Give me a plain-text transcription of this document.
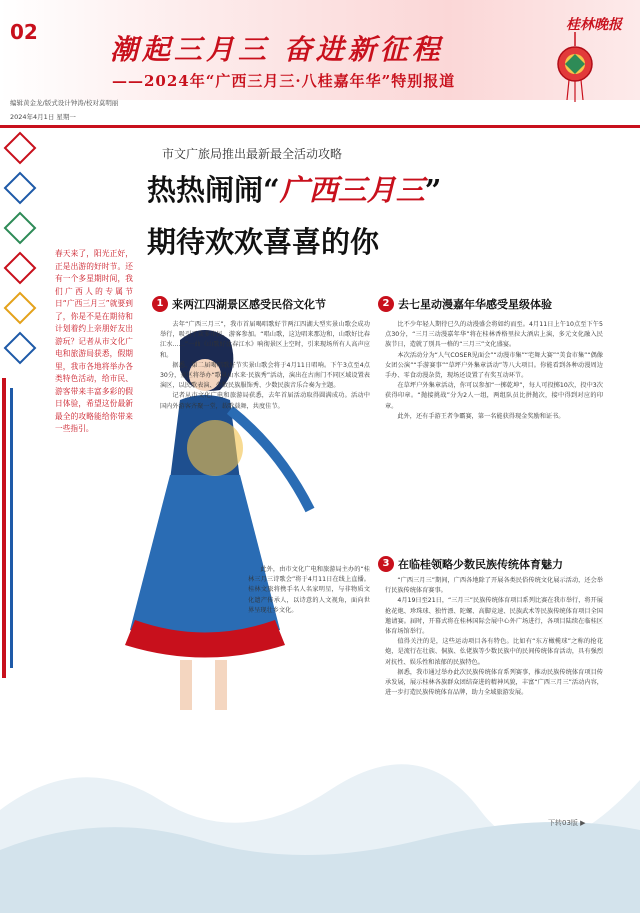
02
潮起三月三 奋进新征程
——2024年“广西三月三·八桂嘉年华”特别报道
桂林晚报
编辑黄金龙/版式设计钟涛/校对莫明丽
2024年4月1日 星期一
市文广旅局推出最新最全活动攻略
热热闹闹“广西三月三”
期待欢欢喜喜的你
春天来了，阳光正好，正是出游的好时节。还有一个多星期时间，我们广西人的专属节日“广西三月三”就要到了，你是不是在期待和计划着约上亲朋好友出游玩？记者从市文化广电和旅游局获悉，假期里，我市各地将举办各类特色活动，给市民、游客带来丰富多彩的假日体验，希望这份最新最全的攻略能给你带来一些指引。
1 来两江四湖景区感受民俗文化节

去年“广西三月三”，我市首届喝唱歌好节两江四湖大型实景山歌会成功举行，吸引了众多市民、游客参加。“唱山歌，这边唱来那边和，山歌好比春江水……”一曲《山歌好比春江水》响彻景区上空时，引来现场所有人高声应和。

据悉，第二届喝唱歌好节实景山歌会将于4月11日唱响。下午3点至4点30分，景区将举办“歌从山水来·民族秀”活动，演出在古南门不同区域设置表演区，以民歌表演、少数民族服饰秀、少数民族音乐合奏为主题。

记者从市文化广电和旅游局获悉，去年首届活动取得圆满成功。活动中国内外游客齐聚一堂，载歌载舞，共度佳节。

此外，由市文化广电和旅游局主办的“桂林三月三诗歌会”将于4月11日在线上直播。桂林文旅将携手名人名家明星，与非物质文化遗产传承人，以诗意的人文视角，面向世界呈现壮乡文化。

2 去七星动漫嘉年华感受星级体验

比不少年轻人期待已久的动漫盛会将如约而至。4月11日上午10点至下午5点30分，“三月三动漫嘉年华”将在桂林香格里拉大酒店上演，多元文化融入民族节日，造就了别具一格的“三月三”文化盛宴。

本次活动分为“人气COSER见面会”“动漫市集”“宅舞大赛”“美食市集”“偶像女团公演”“手游赛事”“草坪户外集章活动”等八大项目。你能看到各种动漫周边手办、零食动漫杂货，现场还设置了有奖互动环节。

在草坪户外集章活动，你可以参加“一掷乾坤”，每人可投掷10次，投中3次获得印章。“抛接挑战”分为2人一组，两组队员比拼抛次，接中得到对应的印章。

此外，还有手游王者争霸赛，第一名能获得现金奖励和证书。

3 在临桂领略少数民族传统体育魅力

“广西三月三”期间，广西各地除了开展各类民俗传统文化展示活动，还会举行民族传统体育赛事。

4月19日至21日，“三月三”民族传统体育项目系列比赛在我市举行，将开展抢花炮、珍珠球、独竹漂、陀螺、高脚竞速、民族武术等民族传统体育项目全国邀请赛。届时，开幕式将在桂林国际会展中心外广场进行，各项目陆续在临桂区体育场馆举行。

值得关注的是，这些运动项目各有特色。比如有“东方橄榄球”之称的抢花炮，是流行在壮族、侗族、仫佬族等少数民族中的民间传统体育活动，具有强烈对抗性、娱乐性和浓郁的民族特色。

据悉，我市通过举办此次民族传统体育系列赛事，推动民族传统体育项目传承发展，展示桂林各族群众团结奋进的精神风貌，丰富“广西三月三”活动内容，进一步打造民族传统体育品牌，助力全域旅游发展。

下转03版 ▶
